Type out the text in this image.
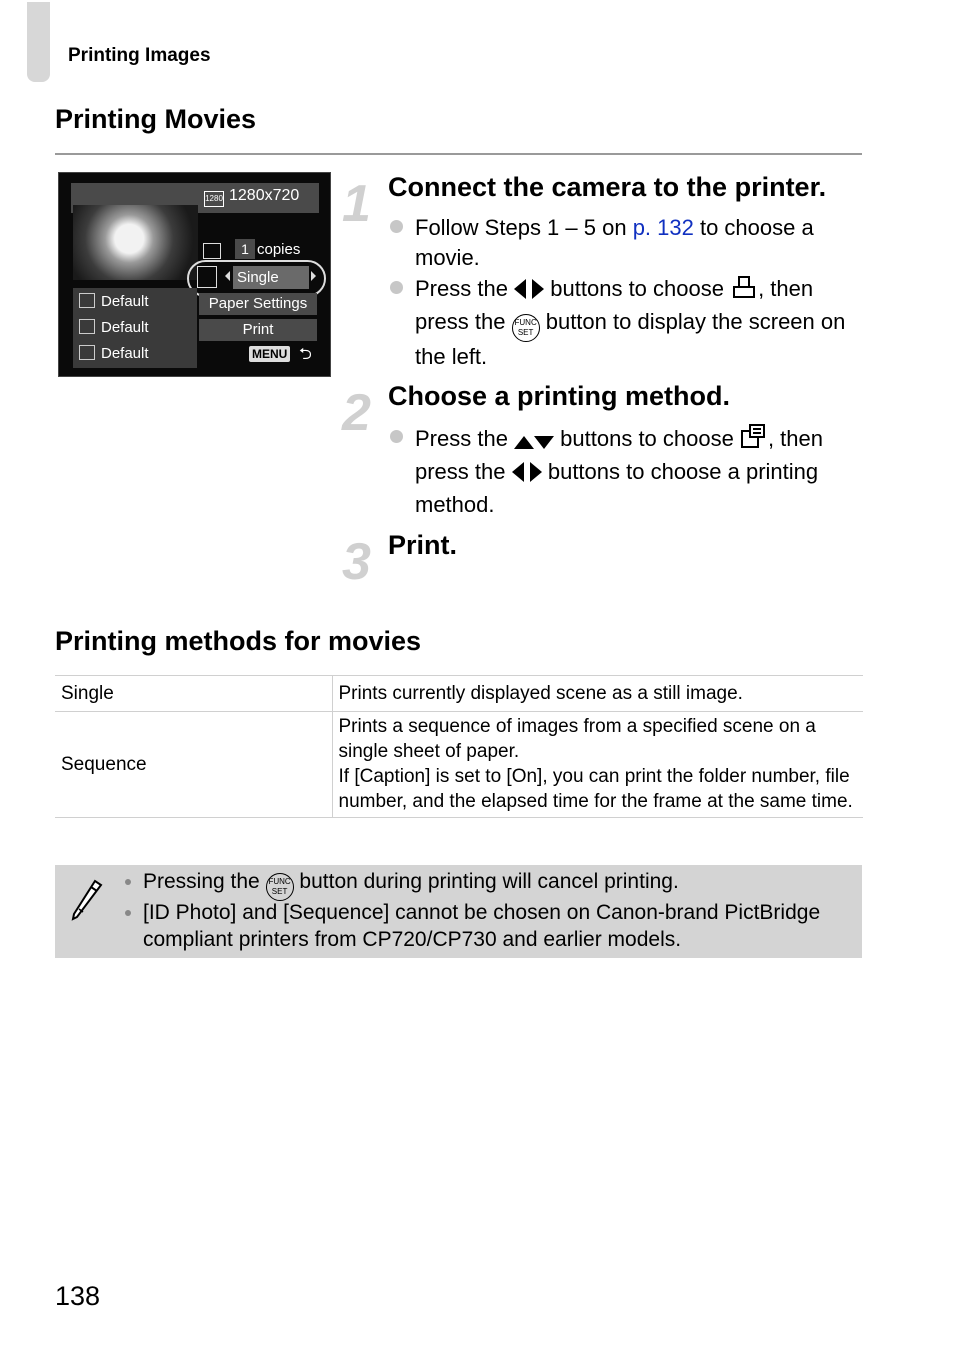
Printing Images
Printing Movies
1280 1280x720
1 copies
Single
Default
Default
Default
Paper Settings
Print
MENU ⮌
1 Connect the camera to the printer.
Follow Steps 1 – 5 on p. 132 to choose a movie.
Press the   buttons to choose , then press the FUNC
SET button to display the screen on the left.
2 Choose a printing method.
Press the  buttons to choose , then press the   buttons to choose a printing method.
3 Print.
Printing methods for movies
Single	Prints currently displayed scene as a still image.

Sequence	Prints a sequence of images from a specified scene on a single sheet of paper.
If [Caption] is set to [On], you can print the folder number, file number, and the elapsed time for the frame at the same time.
Pressing the FUNC
SET button during printing will cancel printing.
[ID Photo] and [Sequence] cannot be chosen on Canon-brand PictBridge compliant printers from CP720/CP730 and earlier models.
138
